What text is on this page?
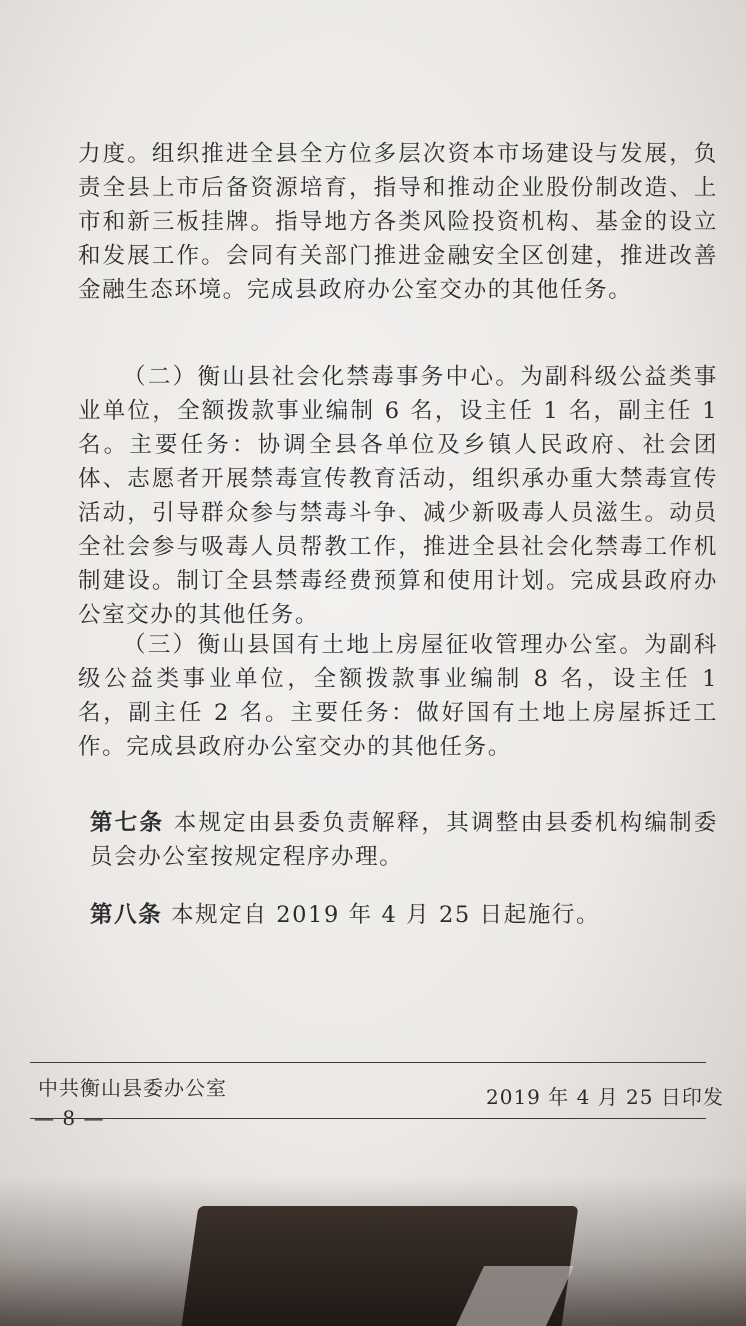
力度。组织推进全县全方位多层次资本市场建设与发展，负责全县上市后备资源培育，指导和推动企业股份制改造、上市和新三板挂牌。指导地方各类风险投资机构、基金的设立和发展工作。会同有关部门推进金融安全区创建，推进改善金融生态环境。完成县政府办公室交办的其他任务。

（二）衡山县社会化禁毒事务中心。为副科级公益类事业单位，全额拨款事业编制 6 名，设主任 1 名，副主任 1 名。主要任务：协调全县各单位及乡镇人民政府、社会团体、志愿者开展禁毒宣传教育活动，组织承办重大禁毒宣传活动，引导群众参与禁毒斗争、减少新吸毒人员滋生。动员全社会参与吸毒人员帮教工作，推进全县社会化禁毒工作机制建设。制订全县禁毒经费预算和使用计划。完成县政府办公室交办的其他任务。

（三）衡山县国有土地上房屋征收管理办公室。为副科级公益类事业单位，全额拨款事业编制 8 名，设主任 1 名，副主任 2 名。主要任务：做好国有土地上房屋拆迁工作。完成县政府办公室交办的其他任务。

第七条 本规定由县委负责解释，其调整由县委机构编制委员会办公室按规定程序办理。

第八条 本规定自 2019 年 4 月 25 日起施行。

中共衡山县委办公室	2019 年 4 月 25 日印发
— 8 —
